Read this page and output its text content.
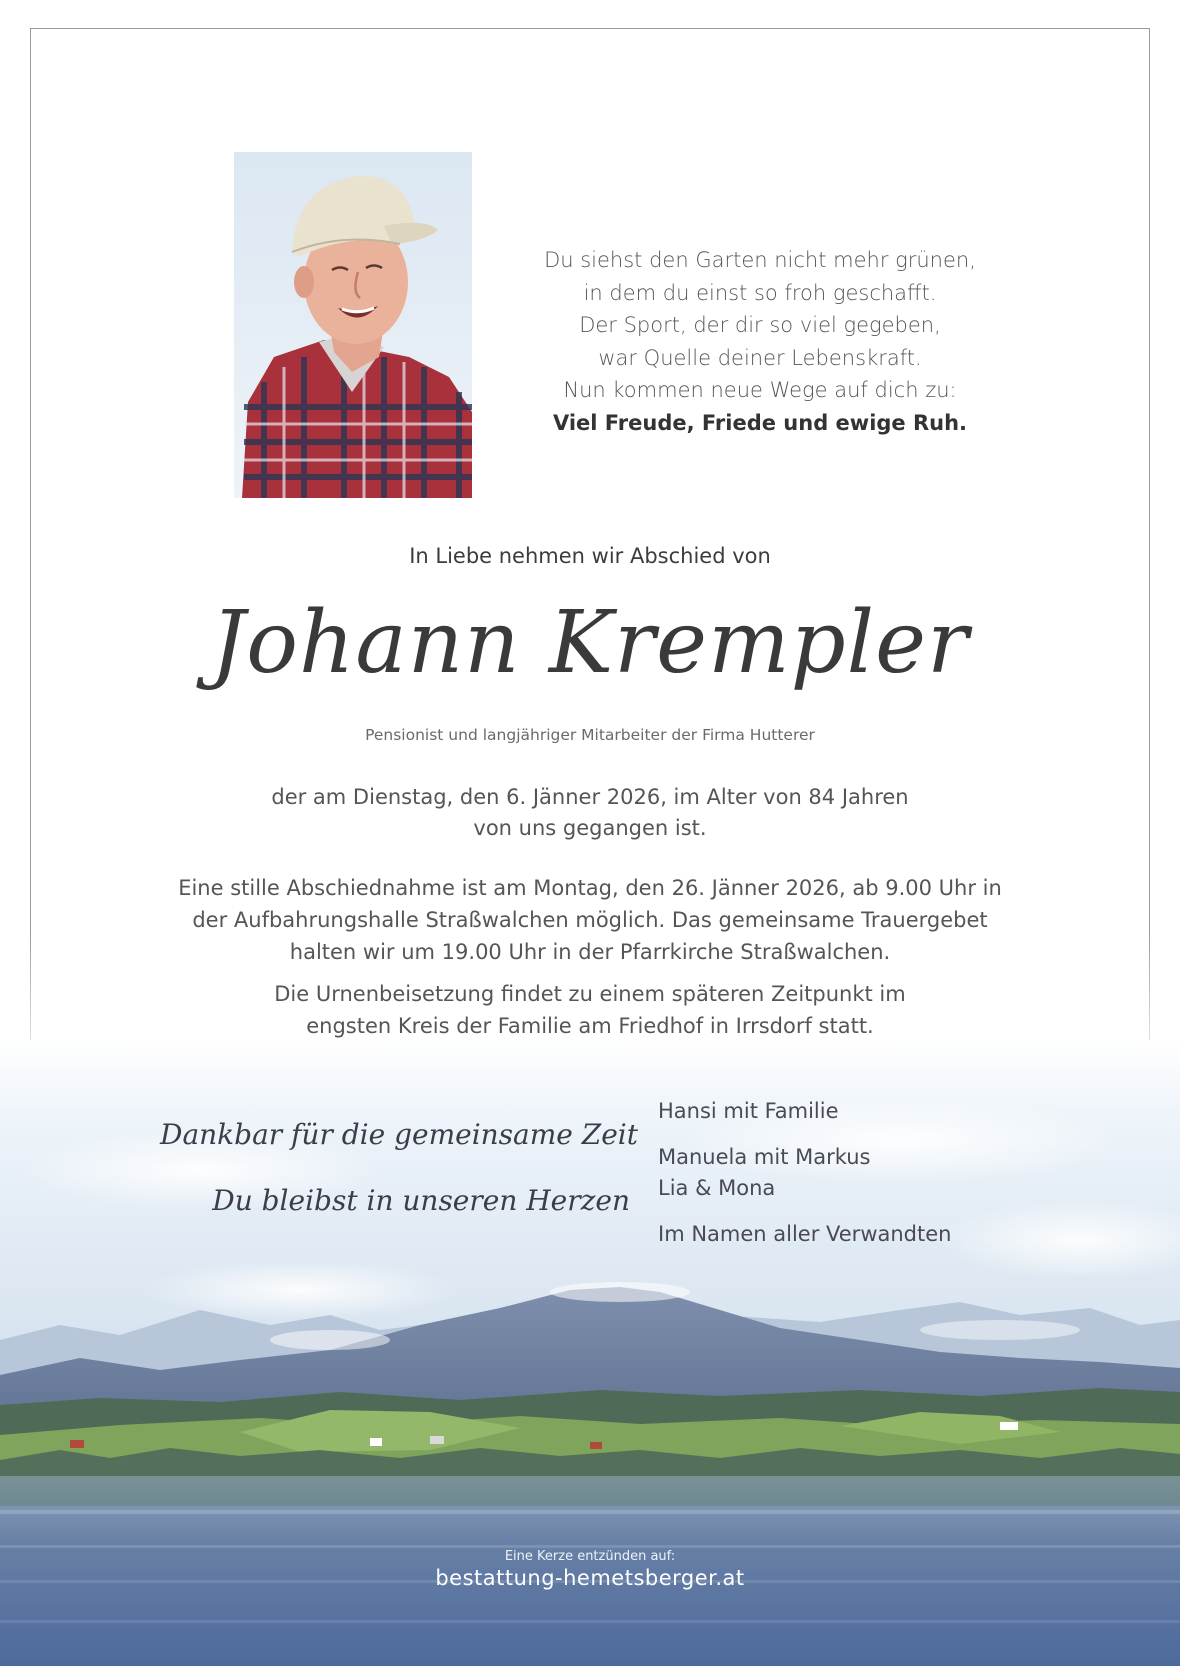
Du siehst den Garten nicht mehr grünen,
in dem du einst so froh geschafft.
Der Sport, der dir so viel gegeben,
war Quelle deiner Lebenskraft.
Nun kommen neue Wege auf dich zu:
Viel Freude, Friede und ewige Ruh.
In Liebe nehmen wir Abschied von
Johann Krempler
Pensionist und langjähriger Mitarbeiter der Firma Hutterer
der am Dienstag, den 6. Jänner 2026, im Alter von 84 Jahren
von uns gegangen ist.
Eine stille Abschiednahme ist am Montag, den 26. Jänner 2026, ab 9.00 Uhr in
der Aufbahrungshalle Straßwalchen möglich. Das gemeinsame Trauergebet
halten wir um 19.00 Uhr in der Pfarrkirche Straßwalchen.
Die Urnenbeisetzung findet zu einem späteren Zeitpunkt im
engsten Kreis der Familie am Friedhof in Irrsdorf statt.
Dankbar für die gemeinsame Zeit
Du bleibst in unseren Herzen
Hansi mit Familie
Manuela mit Markus
Lia & Mona
Im Namen aller Verwandten
Eine Kerze entzünden auf:
bestattung-hemetsberger.at
